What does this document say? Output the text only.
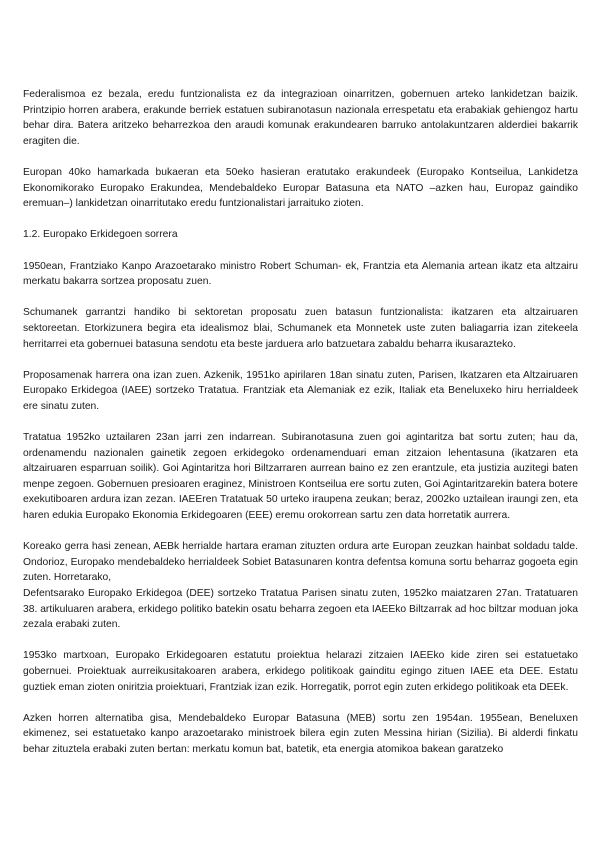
Federalismoa ez bezala, eredu funtzionalista ez da integrazioan oinarritzen, gobernuen arteko lankidetzan baizik. Printzipio horren arabera, erakunde berriek estatuen subiranotasun nazionala errespetatu eta erabakiak gehiengoz hartu behar dira. Batera aritzeko beharrezkoa den araudi komunak erakundearen barruko antolakuntzaren alderdiei bakarrik eragiten die.

Europan 40ko hamarkada bukaeran eta 50eko hasieran eratutako erakundeek (Europako Kontseilua, Lankidetza Ekonomikorako Europako Erakundea, Mendebaldeko Europar Batasuna eta NATO –azken hau, Europaz gaindiko eremuan–) lankidetzan oinarritutako eredu funtzionalistari jarraituko zioten.

1.2. Europako Erkidegoen sorrera

1950ean, Frantziako Kanpo Arazoetarako ministro Robert Schuman- ek, Frantzia eta Alemania artean ikatz eta altzairu merkatu bakarra sortzea proposatu zuen.

Schumanek garrantzi handiko bi sektoretan proposatu zuen batasun funtzionalista: ikatzaren eta altzairuaren sektoreetan. Etorkizunera begira eta idealismoz blai, Schumanek eta Monnetek uste zuten baliagarria izan zitekeela herritarrei eta gobernuei batasuna sendotu eta beste jarduera arlo batzuetara zabaldu beharra ikusarazteko.

Proposamenak harrera ona izan zuen. Azkenik, 1951ko apirilaren 18an sinatu zuten, Parisen, Ikatzaren eta Altzairuaren Europako Erkidegoa (IAEE) sortzeko Tratatua. Frantziak eta Alemaniak ez ezik, Italiak eta Beneluxeko hiru herrialdeek ere sinatu zuten.

Tratatua 1952ko uztailaren 23an jarri zen indarrean. Subiranotasuna zuen goi agintaritza bat sortu zuten; hau da, ordenamendu nazionalen gainetik zegoen erkidegoko ordenamenduari eman zitzaion lehentasuna (ikatzaren eta altzairuaren esparruan soilik). Goi Agintaritza hori Biltzarraren aurrean baino ez zen erantzule, eta justizia auzitegi baten menpe zegoen. Gobernuen presioaren eraginez, Ministroen Kontseilua ere sortu zuten, Goi Agintaritzarekin batera botere exekutiboaren ardura izan zezan. IAEEren Tratatuak 50 urteko iraupena zeukan; beraz, 2002ko uztailean iraungi zen, eta haren edukia Europako Ekonomia Erkidegoaren (EEE) eremu orokorrean sartu zen data horretatik aurrera.

Koreako gerra hasi zenean, AEBk herrialde hartara eraman zituzten ordura arte Europan zeuzkan hainbat soldadu talde. Ondorioz, Europako mendebaldeko herrialdeek Sobiet Batasunaren kontra defentsa komuna sortu beharraz gogoeta egin zuten. Horretarako,
Defentsarako Europako Erkidegoa (DEE) sortzeko Tratatua Parisen sinatu zuten, 1952ko maiatzaren 27an. Tratatuaren 38. artikuluaren arabera, erkidego politiko batekin osatu beharra zegoen eta IAEEko Biltzarrak ad hoc biltzar moduan joka zezala erabaki zuten.

1953ko martxoan, Europako Erkidegoaren estatutu proiektua helarazi zitzaien IAEEko kide ziren sei estatuetako gobernuei. Proiektuak aurreikusitakoaren arabera, erkidego politikoak gainditu egingo zituen IAEE eta DEE. Estatu guztiek eman zioten oniritzia proiektuari, Frantziak izan ezik. Horregatik, porrot egin zuten erkidego politikoak eta DEEk.

Azken horren alternatiba gisa, Mendebaldeko Europar Batasuna (MEB) sortu zen 1954an. 1955ean, Beneluxen ekimenez, sei estatuetako kanpo arazoetarako ministroek bilera egin zuten Messina hirian (Sizilia). Bi alderdi finkatu behar zituztela erabaki zuten bertan: merkatu komun bat, batetik, eta energia atomikoa bakean garatzeko
